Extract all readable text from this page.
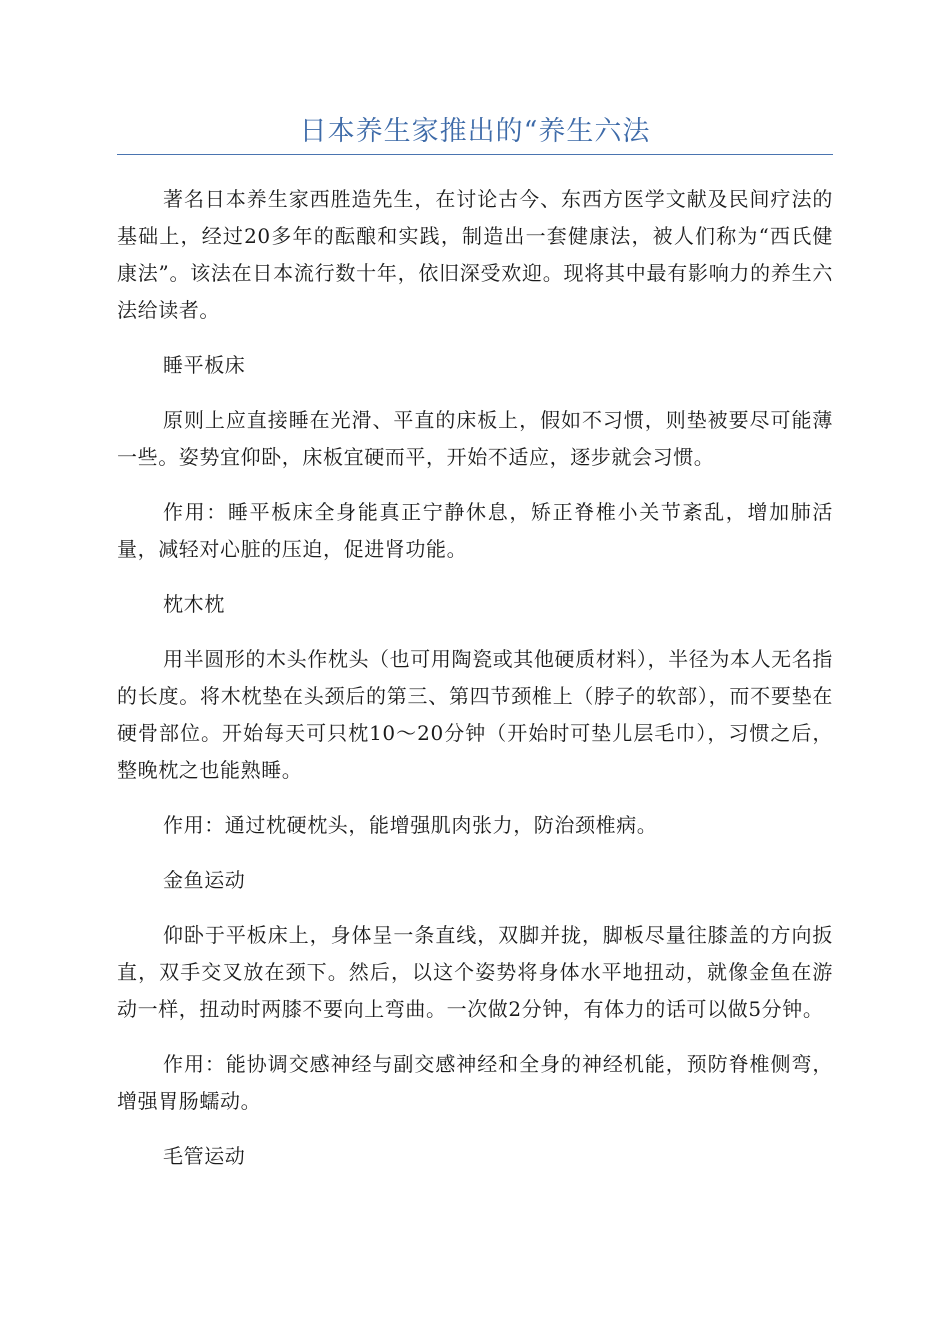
日本养生家推出的“养生六法

著名日本养生家西胜造先生，在讨论古今、东西方医学文献及民间疗法的基础上，经过20多年的酝酿和实践，制造出一套健康法，被人们称为“西氏健康法”。该法在日本流行数十年，依旧深受欢迎。现将其中最有影响力的养生六法给读者。

睡平板床

原则上应直接睡在光滑、平直的床板上，假如不习惯，则垫被要尽可能薄一些。姿势宜仰卧，床板宜硬而平，开始不适应，逐步就会习惯。

作用：睡平板床全身能真正宁静休息，矫正脊椎小关节紊乱，增加肺活量，减轻对心脏的压迫，促进肾功能。

枕木枕

用半圆形的木头作枕头（也可用陶瓷或其他硬质材料），半径为本人无名指的长度。将木枕垫在头颈后的第三、第四节颈椎上（脖子的软部），而不要垫在硬骨部位。开始每天可只枕10～20分钟（开始时可垫儿层毛巾），习惯之后，整晚枕之也能熟睡。

作用：通过枕硬枕头，能增强肌肉张力，防治颈椎病。

金鱼运动

仰卧于平板床上，身体呈一条直线，双脚并拢，脚板尽量往膝盖的方向扳直，双手交叉放在颈下。然后，以这个姿势将身体水平地扭动，就像金鱼在游动一样，扭动时两膝不要向上弯曲。一次做2分钟，有体力的话可以做5分钟。

作用：能协调交感神经与副交感神经和全身的神经机能，预防脊椎侧弯，增强胃肠蠕动。

毛管运动
